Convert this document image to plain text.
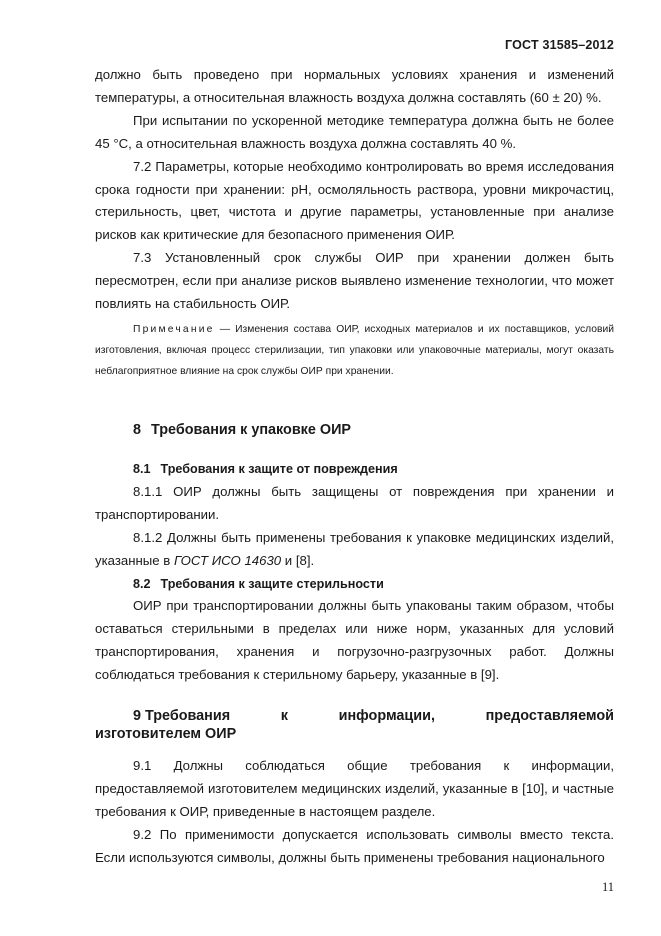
ГОСТ 31585–2012

должно быть проведено при нормальных условиях хранения и изменений температуры, а относительная влажность воздуха должна составлять (60 ± 20) %.

При испытании по ускоренной методике температура должна быть не более 45 °С, а относительная влажность воздуха должна составлять 40 %.

7.2 Параметры, которые необходимо контролировать во время исследования срока годности при хранении: рН, осмоляльность раствора, уровни микрочастиц, стерильность, цвет, чистота и другие параметры, установленные при анализе рисков как критические для безопасного применения ОИР.

7.3 Установленный срок службы ОИР при хранении должен быть пересмотрен, если при анализе рисков выявлено изменение технологии, что может повлиять на стабильность ОИР.

Примечание — Изменения состава ОИР, исходных материалов и их поставщиков, условий изготовления, включая процесс стерилизации, тип упаковки или упаковочные материалы, могут оказать неблагоприятное влияние на срок службы ОИР при хранении.

8 Требования к упаковке ОИР
8.1 Требования к защите от повреждения

8.1.1 ОИР должны быть защищены от повреждения при хранении и транспортировании.

8.1.2 Должны быть применены требования к упаковке медицинских изделий, указанные в ГОСТ ИСО 14630 и [8].

8.2 Требования к защите стерильности

ОИР при транспортировании должны быть упакованы таким образом, чтобы оставаться стерильными в пределах или ниже норм, указанных для условий транспортирования, хранения и погрузочно-разгрузочных работ. Должны соблюдаться требования к стерильному барьеру, указанные в [9].

9 Требования	к	информации,	предоставляемой
изготовителем ОИР

9.1 Должны соблюдаться общие требования к информации, предоставляемой изготовителем медицинских изделий, указанные в [10], и частные требования к ОИР, приведенные в настоящем разделе.

9.2 По применимости допускается использовать символы вместо текста. Если используются символы, должны быть применены требования национального

11
